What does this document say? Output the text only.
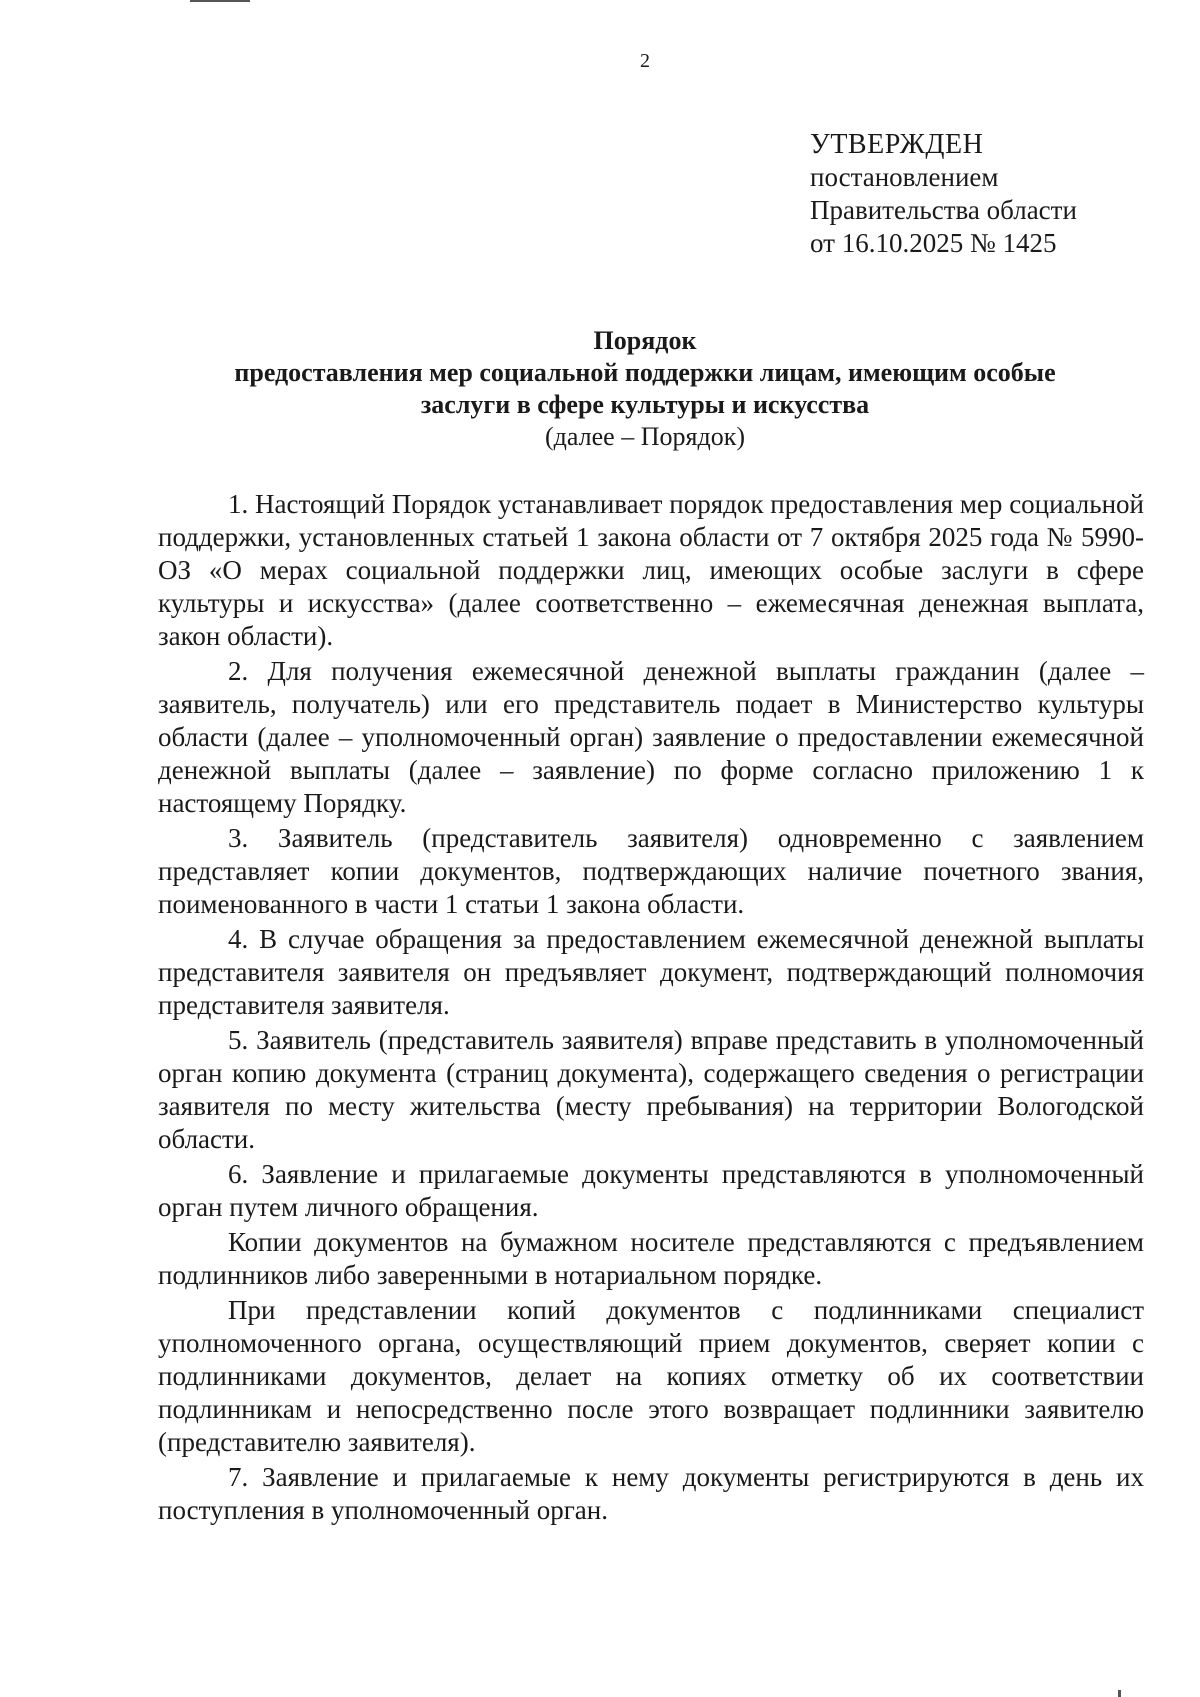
2
УТВЕРЖДЕН
постановлением
Правительства области
от 16.10.2025 № 1425
Порядок
предоставления мер социальной поддержки лицам, имеющим особые
заслуги в сфере культуры и искусства
(далее – Порядок)

1. Настоящий Порядок устанавливает порядок предоставления мер социальной поддержки, установленных статьей 1 закона области от 7 октября 2025 года № 5990-ОЗ «О мерах социальной поддержки лиц, имеющих особые заслуги в сфере культуры и искусства» (далее соответственно – ежемесячная денежная выплата, закон области).

2. Для получения ежемесячной денежной выплаты гражданин (далее – заявитель, получатель) или его представитель подает в Министерство культуры области (далее – уполномоченный орган) заявление о предоставлении ежемесячной денежной выплаты (далее – заявление) по форме согласно приложению 1 к настоящему Порядку.

3. Заявитель (представитель заявителя) одновременно с заявлением представляет копии документов, подтверждающих наличие почетного звания, поименованного в части 1 статьи 1 закона области.

4. В случае обращения за предоставлением ежемесячной денежной выплаты представителя заявителя он предъявляет документ, подтверждающий полномочия представителя заявителя.

5. Заявитель (представитель заявителя) вправе представить в уполномоченный орган копию документа (страниц документа), содержащего сведения о регистрации заявителя по месту жительства (месту пребывания) на территории Вологодской области.

6. Заявление и прилагаемые документы представляются в уполномоченный орган путем личного обращения.

Копии документов на бумажном носителе представляются с предъявлением подлинников либо заверенными в нотариальном порядке.

При представлении копий документов с подлинниками специалист уполномоченного органа, осуществляющий прием документов, сверяет копии с подлинниками документов, делает на копиях отметку об их соответствии подлинникам и непосредственно после этого возвращает подлинники заявителю (представителю заявителя).

7. Заявление и прилагаемые к нему документы регистрируются в день их поступления в уполномоченный орган.
